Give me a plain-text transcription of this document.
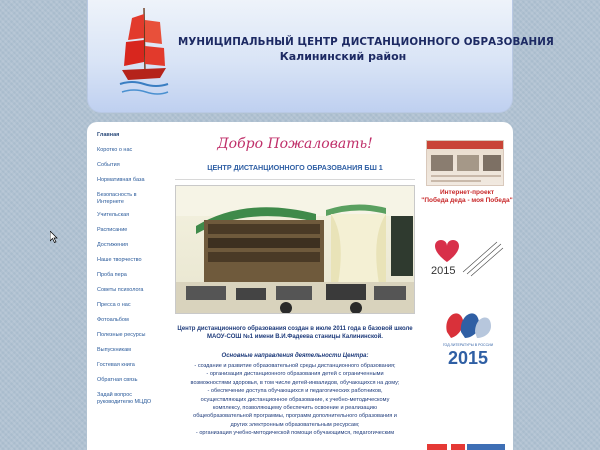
МУНИЦИПАЛЬНЫЙ ЦЕНТР ДИСТАНЦИОННОГО ОБРАЗОВАНИЯ
Калининский район
Главная
Коротко о нас
События
Нормативная база
Безопасность в Интернете
Учительская
Расписание
Достижения
Наше творчество
Проба пера
Советы психолога
Пресса о нас
Фотоальбом
Полезные ресурсы
Выпускникам
Гостевая книга
Обратная связь
Задай вопрос руководителю МЦДО
Добро Пожаловать!
ЦЕНТР ДИСТАНЦИОННОГО ОБРАЗОВАНИЯ БШ 1
Центр дистанционного образования создан в июле 2011 года в базовой школе МАОУ-СОШ №1 имени В.И.Фадеева станицы Калининской.
Основные направления деятельности Центра:
- создание и развитие образовательной среды дистанционного образования;
- организация дистанционного образования детей с ограниченными
возможностями здоровья, в том числе детей-инвалидов, обучающихся на дому;
- обеспечение доступа обучающихся и педагогических работников,
осуществляющих дистанционное образование, к учебно-методическому
комплексу, позволяющему обеспечить освоение и реализацию
общеобразовательной программы, программ дополнительного образования и
других электронным образовательным ресурсам;
- организация учебно-методической помощи обучающимся, педагогическим
Интернет-проект
"Победа деда - моя Победа"
2015
ГОД ЛИТЕРАТУРЫ В РОССИИ
2015
